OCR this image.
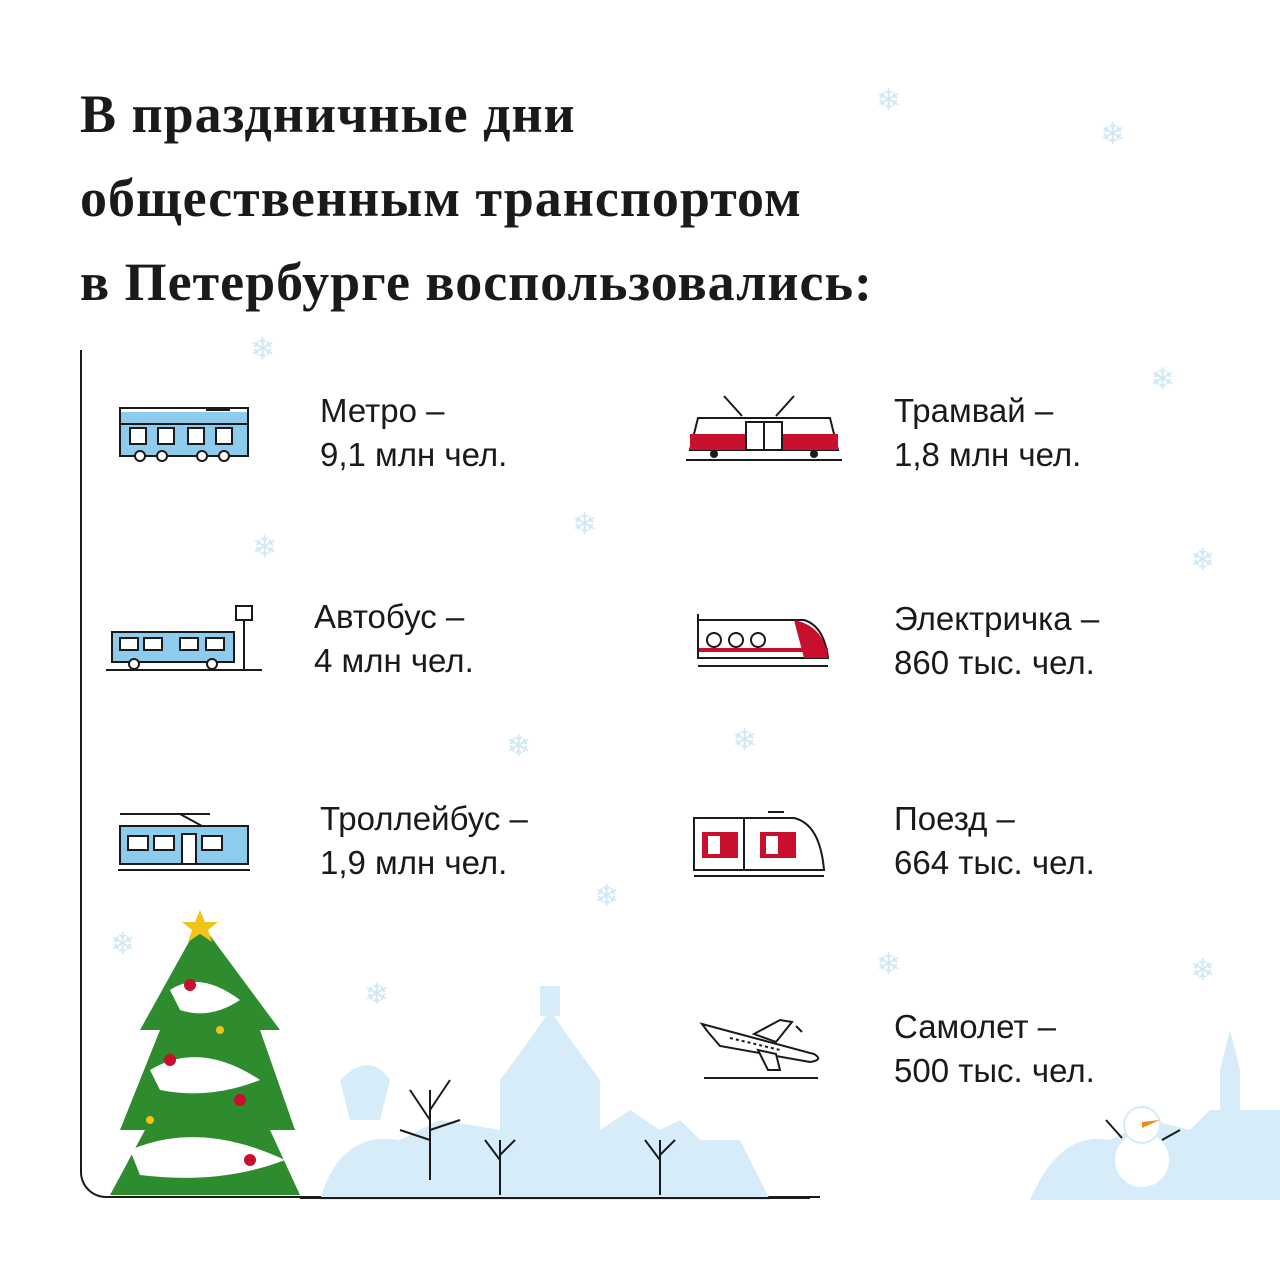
В праздничные дни
общественным транспортом
в Петербурге воспользовались:
❄
❄
❄
❄
❄
❄	❄
❄	❄
❄
❄
❄	❄
❄
Метро –
9,1 млн чел.
Трамвай –
1,8 млн чел.
Автобус –
4 млн чел.
Электричка –
860 тыс. чел.
Троллейбус –
1,9 млн чел.
Поезд –
664 тыс. чел.
Самолет –
500 тыс. чел.
